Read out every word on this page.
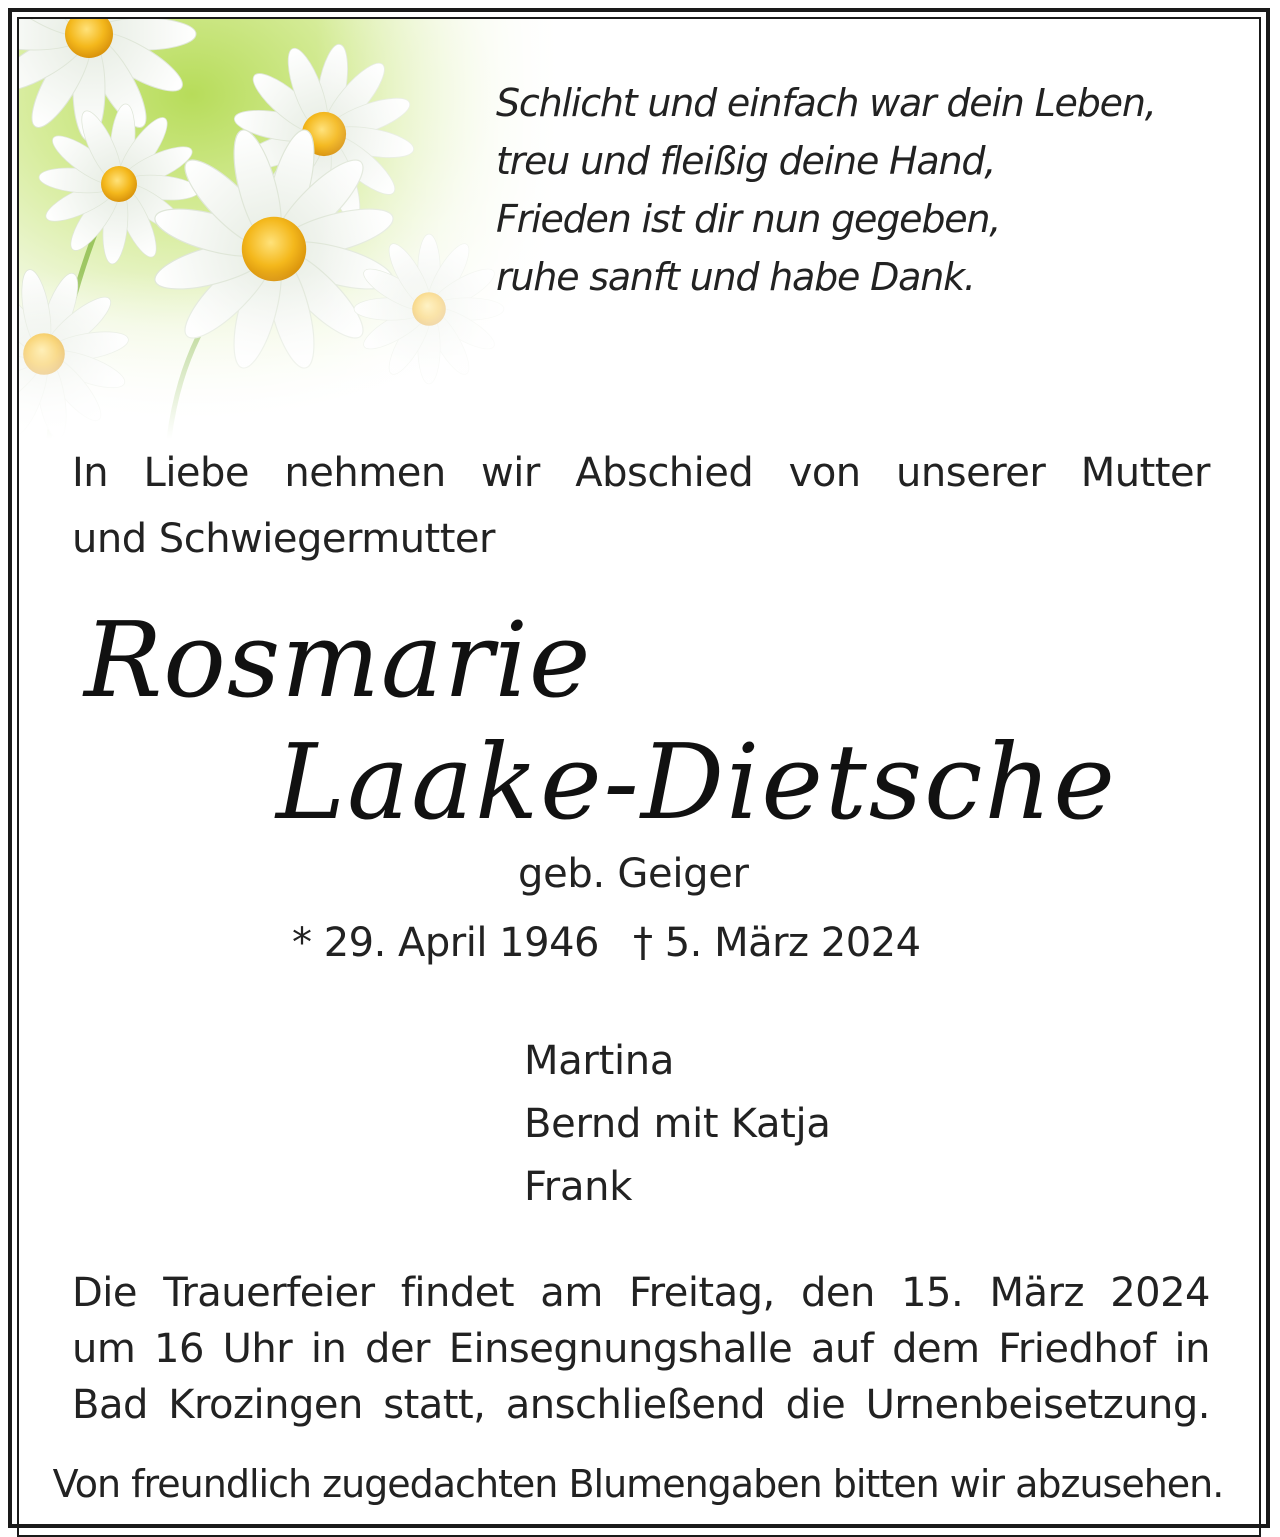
Schlicht und einfach war dein Leben,
treu und fleißig deine Hand,
Frieden ist dir nun gegeben,
ruhe sanft und habe Dank.
In Liebe nehmen wir Abschied von unserer Mutter
und Schwiegermutter
Rosmarie
Laake-Dietsche
geb. Geiger
* 29. April 1946 † 5. März 2024
Martina
Bernd mit Katja
Frank
Die Trauerfeier findet am Freitag, den 15. März 2024
um 16 Uhr in der Einsegnungshalle auf dem Friedhof in
Bad Krozingen statt, anschließend die Urnenbeisetzung.
Von freundlich zugedachten Blumengaben bitten wir abzusehen.
